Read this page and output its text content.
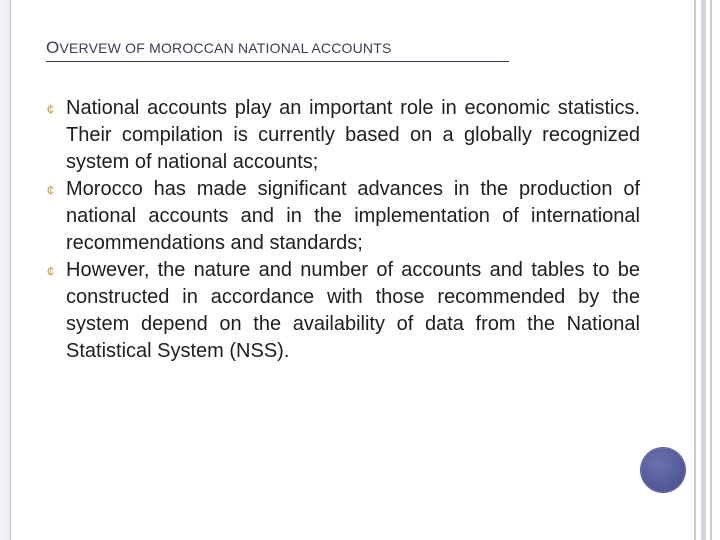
OVERVEW OF MOROCCAN NATIONAL ACCOUNTS
¢ National accounts play an important role in economic statistics. Their compilation is currently based on a globally recognized system of national accounts;
¢ Morocco has made significant advances in the production of national accounts and in the implementation of international recommendations and standards;
¢ However, the nature and number of accounts and tables to be constructed in accordance with those recommended by the system depend on the availability of data from the National Statistical System (NSS).
